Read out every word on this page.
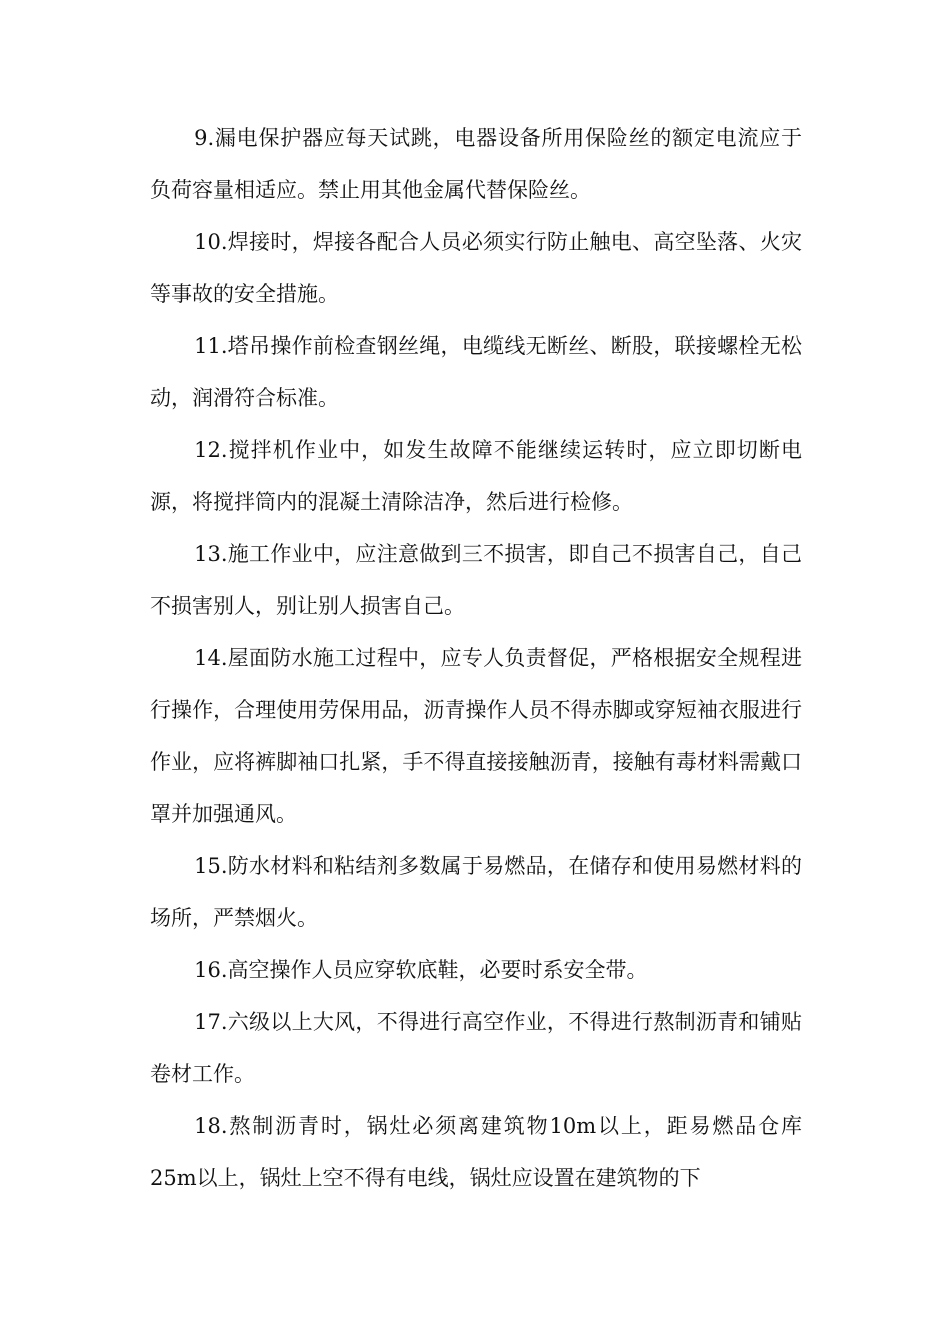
9.漏电保护器应每天试跳，电器设备所用保险丝的额定电流应于负荷容量相适应。禁止用其他金属代替保险丝。

10.焊接时，焊接各配合人员必须实行防止触电、高空坠落、火灾等事故的安全措施。

11.塔吊操作前检查钢丝绳，电缆线无断丝、断股，联接螺栓无松动，润滑符合标准。

12.搅拌机作业中，如发生故障不能继续运转时，应立即切断电源，将搅拌筒内的混凝土清除洁净，然后进行检修。

13.施工作业中，应注意做到三不损害，即自己不损害自己，自己不损害别人，别让别人损害自己。

14.屋面防水施工过程中，应专人负责督促，严格根据安全规程进行操作，合理使用劳保用品，沥青操作人员不得赤脚或穿短袖衣服进行作业，应将裤脚袖口扎紧，手不得直接接触沥青，接触有毒材料需戴口罩并加强通风。

15.防水材料和粘结剂多数属于易燃品，在储存和使用易燃材料的场所，严禁烟火。

16.高空操作人员应穿软底鞋，必要时系安全带。

17.六级以上大风，不得进行高空作业，不得进行熬制沥青和铺贴卷材工作。

18.熬制沥青时，锅灶必须离建筑物10m以上，距易燃品仓库25m以上，锅灶上空不得有电线，锅灶应设置在建筑物的下
